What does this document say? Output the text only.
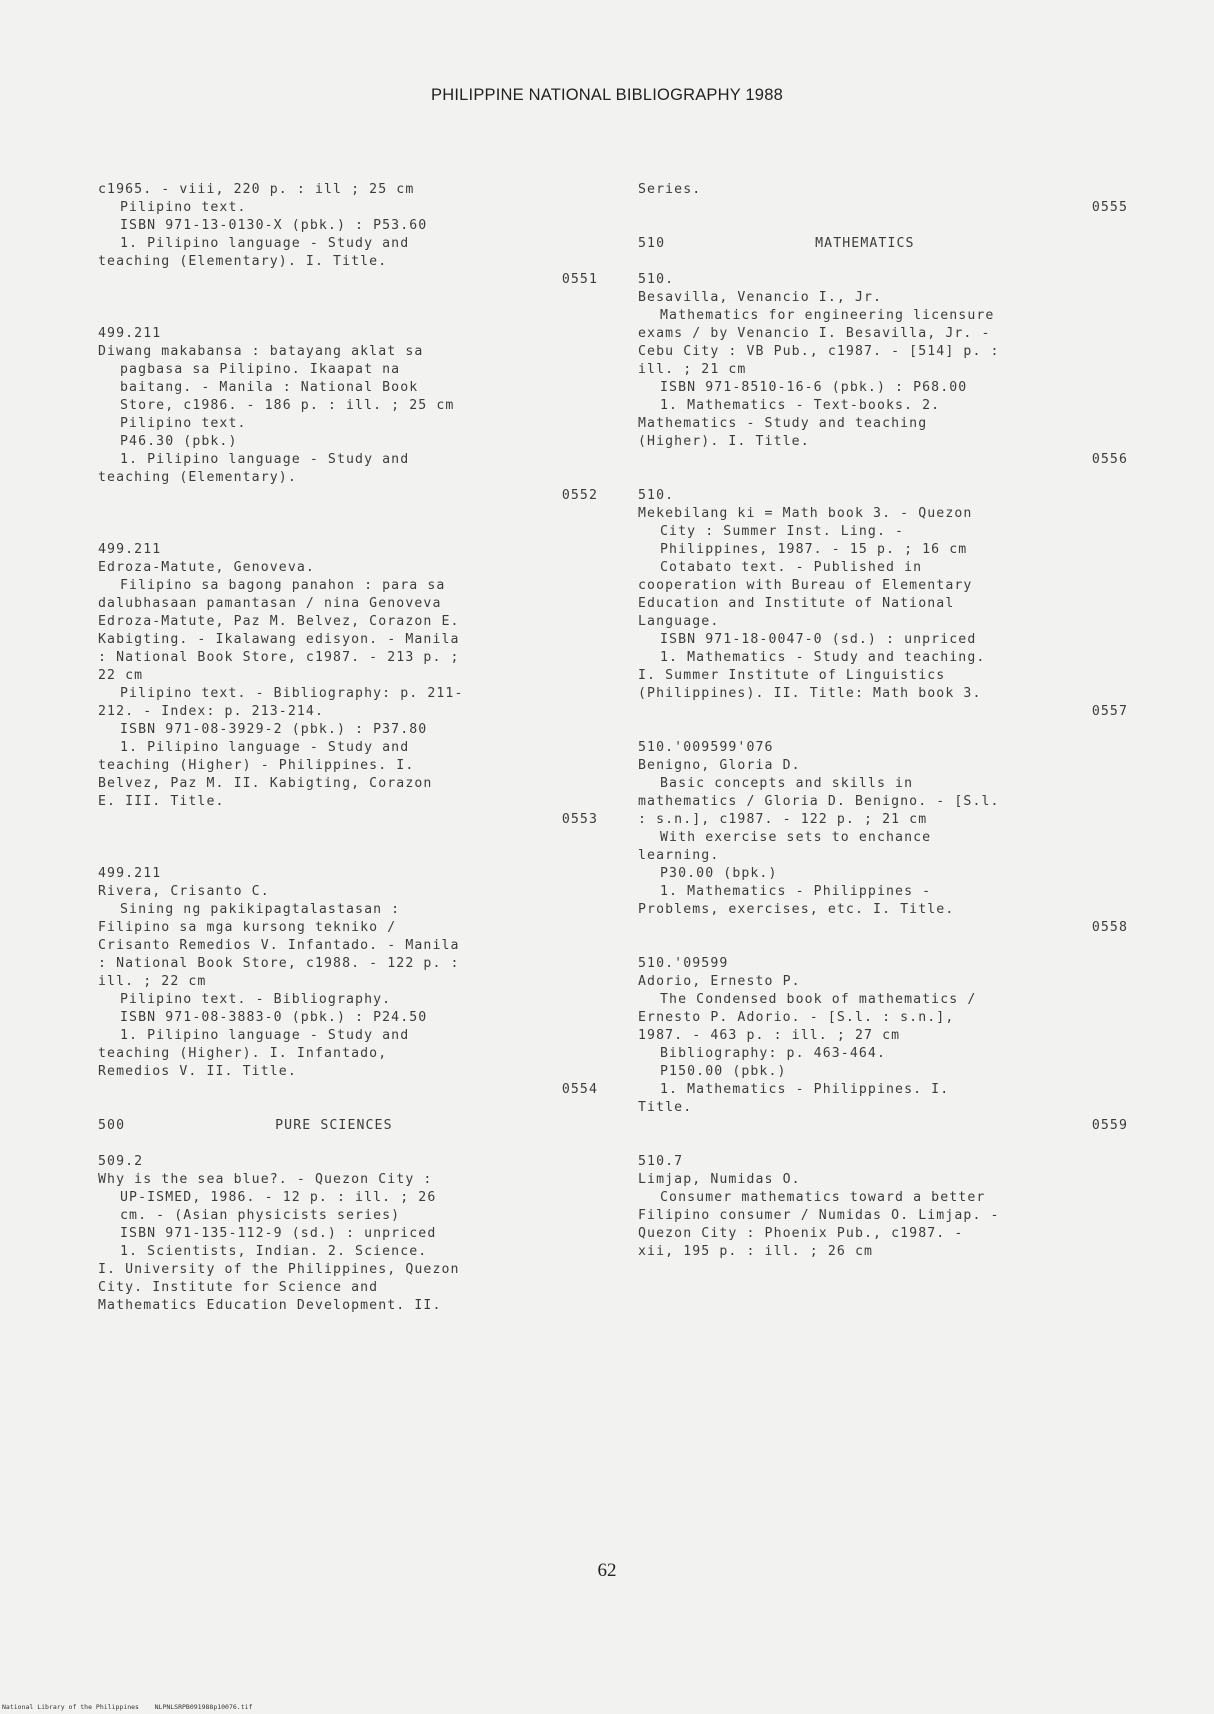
PHILIPPINE NATIONAL BIBLIOGRAPHY 1988
c1965. - viii, 220 p. : ill ; 25 cm
Pilipino text.
ISBN 971-13-0130-X (pbk.) : P53.60
1. Pilipino language - Study and
teaching (Elementary). I. Title.
0551
499.211
Diwang makabansa : batayang aklat sa
pagbasa sa Pilipino. Ikaapat na
baitang. - Manila : National Book
Store, c1986. - 186 p. : ill. ; 25 cm
Pilipino text.
P46.30 (pbk.)
1. Pilipino language - Study and
teaching (Elementary).
0552
499.211
Edroza-Matute, Genoveva.
Filipino sa bagong panahon : para sa
dalubhasaan pamantasan / nina Genoveva
Edroza-Matute, Paz M. Belvez, Corazon E.
Kabigting. - Ikalawang edisyon. - Manila
: National Book Store, c1987. - 213 p. ;
22 cm
Pilipino text. - Bibliography: p. 211-
212. - Index: p. 213-214.
ISBN 971-08-3929-2 (pbk.) : P37.80
1. Pilipino language - Study and
teaching (Higher) - Philippines. I.
Belvez, Paz M. II. Kabigting, Corazon
E. III. Title.
0553
499.211
Rivera, Crisanto C.
Sining ng pakikipagtalastasan :
Filipino sa mga kursong tekniko /
Crisanto Remedios V. Infantado. - Manila
: National Book Store, c1988. - 122 p. :
ill. ; 22 cm
Pilipino text. - Bibliography.
ISBN 971-08-3883-0 (pbk.) : P24.50
1. Pilipino language - Study and
teaching (Higher). I. Infantado,
Remedios V. II. Title.
0554
500	PURE SCIENCES
509.2
Why is the sea blue?. - Quezon City :
UP-ISMED, 1986. - 12 p. : ill. ; 26
cm. - (Asian physicists series)
ISBN 971-135-112-9 (sd.) : unpriced
1. Scientists, Indian. 2. Science.
I. University of the Philippines, Quezon
City. Institute for Science and
Mathematics Education Development. II.
Series.
0555
510	MATHEMATICS
510.
Besavilla, Venancio I., Jr.
Mathematics for engineering licensure
exams / by Venancio I. Besavilla, Jr. -
Cebu City : VB Pub., c1987. - [514] p. :
ill. ; 21 cm
ISBN 971-8510-16-6 (pbk.) : P68.00
1. Mathematics - Text-books. 2.
Mathematics - Study and teaching
(Higher). I. Title.
0556
510.
Mekebilang ki = Math book 3. - Quezon
City : Summer Inst. Ling. -
Philippines, 1987. - 15 p. ; 16 cm
Cotabato text. - Published in
cooperation with Bureau of Elementary
Education and Institute of National
Language.
ISBN 971-18-0047-0 (sd.) : unpriced
1. Mathematics - Study and teaching.
I. Summer Institute of Linguistics
(Philippines). II. Title: Math book 3.
0557
510.'009599'076
Benigno, Gloria D.
Basic concepts and skills in
mathematics / Gloria D. Benigno. - [S.l.
: s.n.], c1987. - 122 p. ; 21 cm
With exercise sets to enchance
learning.
P30.00 (bpk.)
1. Mathematics - Philippines -
Problems, exercises, etc. I. Title.
0558
510.'09599
Adorio, Ernesto P.
The Condensed book of mathematics /
Ernesto P. Adorio. - [S.l. : s.n.],
1987. - 463 p. : ill. ; 27 cm
Bibliography: p. 463-464.
P150.00 (pbk.)
1. Mathematics - Philippines. I.
Title.
0559
510.7
Limjap, Numidas O.
Consumer mathematics toward a better
Filipino consumer / Numidas O. Limjap. -
Quezon City : Phoenix Pub., c1987. -
xii, 195 p. : ill. ; 26 cm
62
National Library of the Philippines    NLPNLSRPB091988p10076.tif
